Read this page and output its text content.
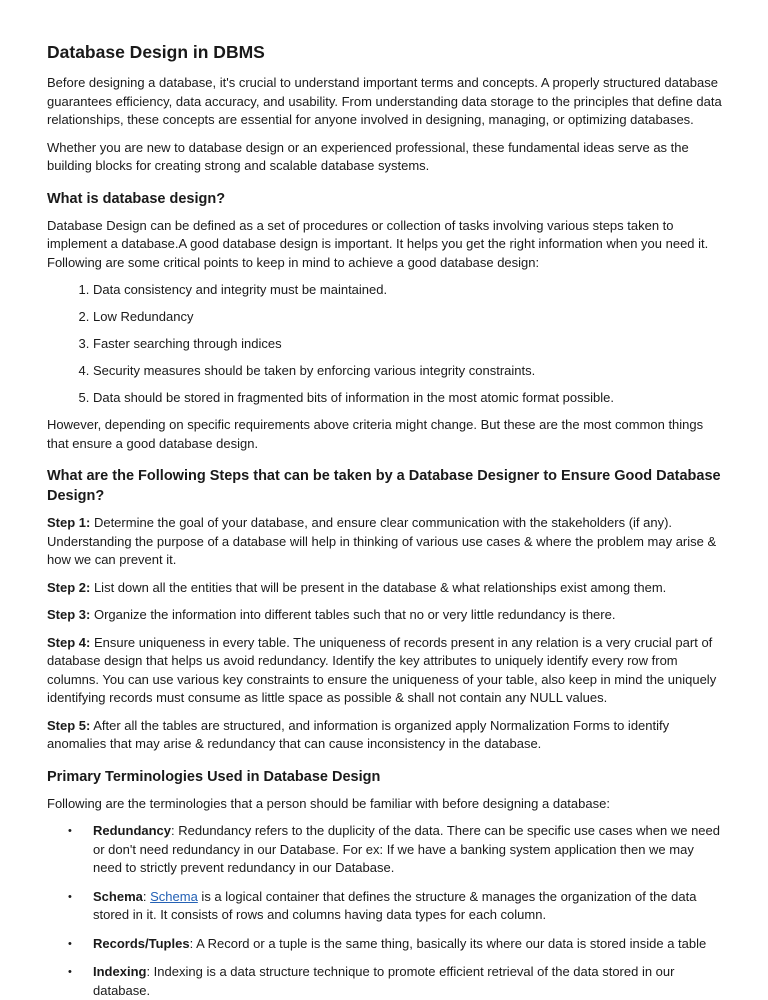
Database Design in DBMS

Before designing a database, it's crucial to understand important terms and concepts. A properly structured database guarantees efficiency, data accuracy, and usability. From understanding data storage to the principles that define data relationships, these concepts are essential for anyone involved in designing, managing, or optimizing databases.

Whether you are new to database design or an experienced professional, these fundamental ideas serve as the building blocks for creating strong and scalable database systems.

What is database design?

Database Design can be defined as a set of procedures or collection of tasks involving various steps taken to implement a database.A good database design is important. It helps you get the right information when you need it. Following are some critical points to keep in mind to achieve a good database design:

1. Data consistency and integrity must be maintained.
2. Low Redundancy
3. Faster searching through indices
4. Security measures should be taken by enforcing various integrity constraints.
5. Data should be stored in fragmented bits of information in the most atomic format possible.

However, depending on specific requirements above criteria might change. But these are the most common things that ensure a good database design.

What are the Following Steps that can be taken by a Database Designer to Ensure Good Database Design?

Step 1: Determine the goal of your database, and ensure clear communication with the stakeholders (if any). Understanding the purpose of a database will help in thinking of various use cases & where the problem may arise & how we can prevent it.

Step 2: List down all the entities that will be present in the database & what relationships exist among them.

Step 3: Organize the information into different tables such that no or very little redundancy is there.

Step 4: Ensure uniqueness in every table. The uniqueness of records present in any relation is a very crucial part of database design that helps us avoid redundancy. Identify the key attributes to uniquely identify every row from columns. You can use various key constraints to ensure the uniqueness of your table, also keep in mind the uniquely identifying records must consume as little space as possible & shall not contain any NULL values.

Step 5: After all the tables are structured, and information is organized apply Normalization Forms to identify anomalies that may arise & redundancy that can cause inconsistency in the database.

Primary Terminologies Used in Database Design

Following are the terminologies that a person should be familiar with before designing a database:

• Redundancy: Redundancy refers to the duplicity of the data. There can be specific use cases when we need or don't need redundancy in our Database. For ex: If we have a banking system application then we may need to strictly prevent redundancy in our Database.
• Schema: Schema is a logical container that defines the structure & manages the organization of the data stored in it. It consists of rows and columns having data types for each column.
• Records/Tuples: A Record or a tuple is the same thing, basically its where our data is stored inside a table
• Indexing: Indexing is a data structure technique to promote efficient retrieval of the data stored in our database.
